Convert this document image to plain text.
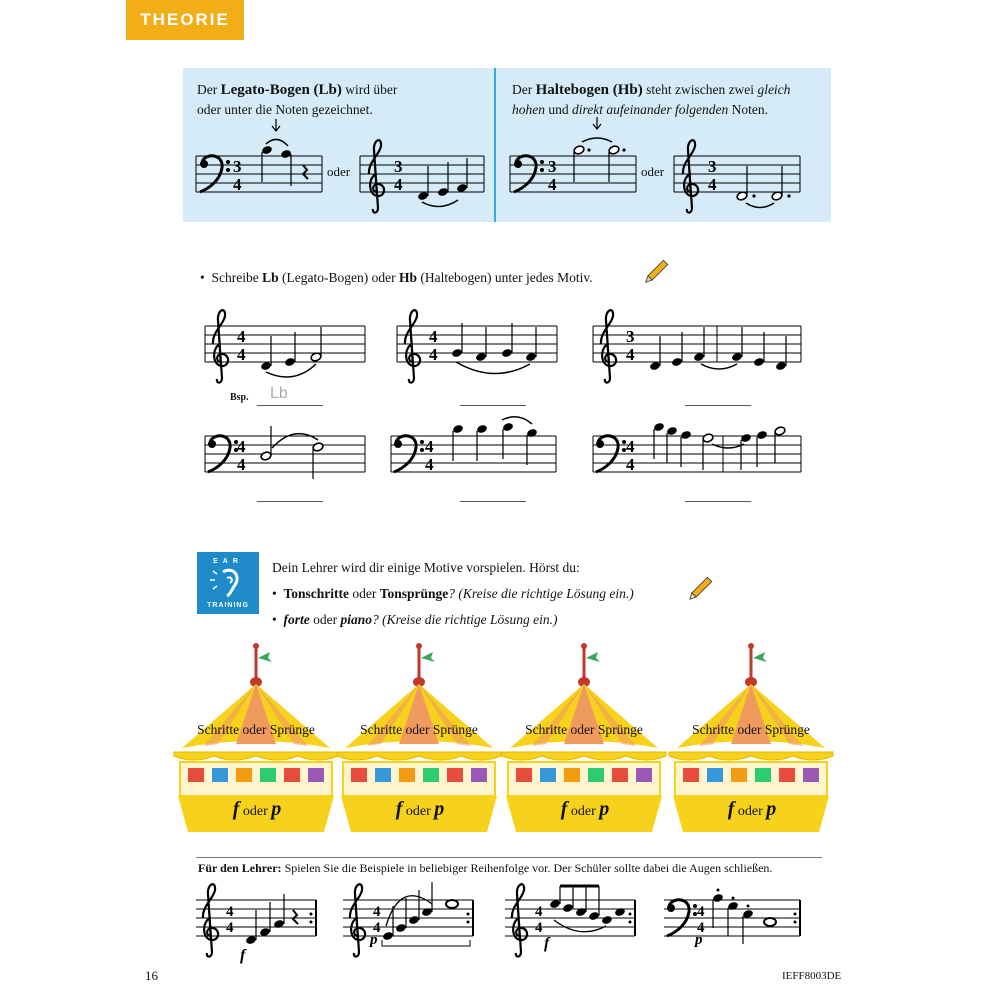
THEORIE
Der Legato-Bogen (Lb) wird über
oder unter die Noten gezeichnet.
Der Haltebogen (Hb) steht zwischen zwei gleich
hohen und direkt aufeinander folgenden Noten.
oder	oder
• Schreibe Lb (Legato-Bogen) oder Hb (Haltebogen) unter jedes Motiv.
Bsp. Lb
EAR
TRAINING
Dein Lehrer wird dir einige Motive vorspielen. Hörst du:
•  Tonschritte oder Tonsprünge? (Kreise die richtige Lösung ein.)
•  forte oder piano? (Kreise die richtige Lösung ein.)
Für den Lehrer: Spielen Sie die Beispiele in beliebiger Reihenfolge vor. Der Schüler sollte dabei die Augen schließen.
16	IEFF8003DE
3
4
3
4
3
4
3
4
4
4
4
4
3
4
4
4
4
4
4
4
4
4
f
4
4
p
4
4
f
4
4
p
Schritte oder Sprünge	Schritte oder Sprünge	Schritte oder Sprünge	Schritte oder Sprünge
f oder p	f oder p	f oder p	f oder p
